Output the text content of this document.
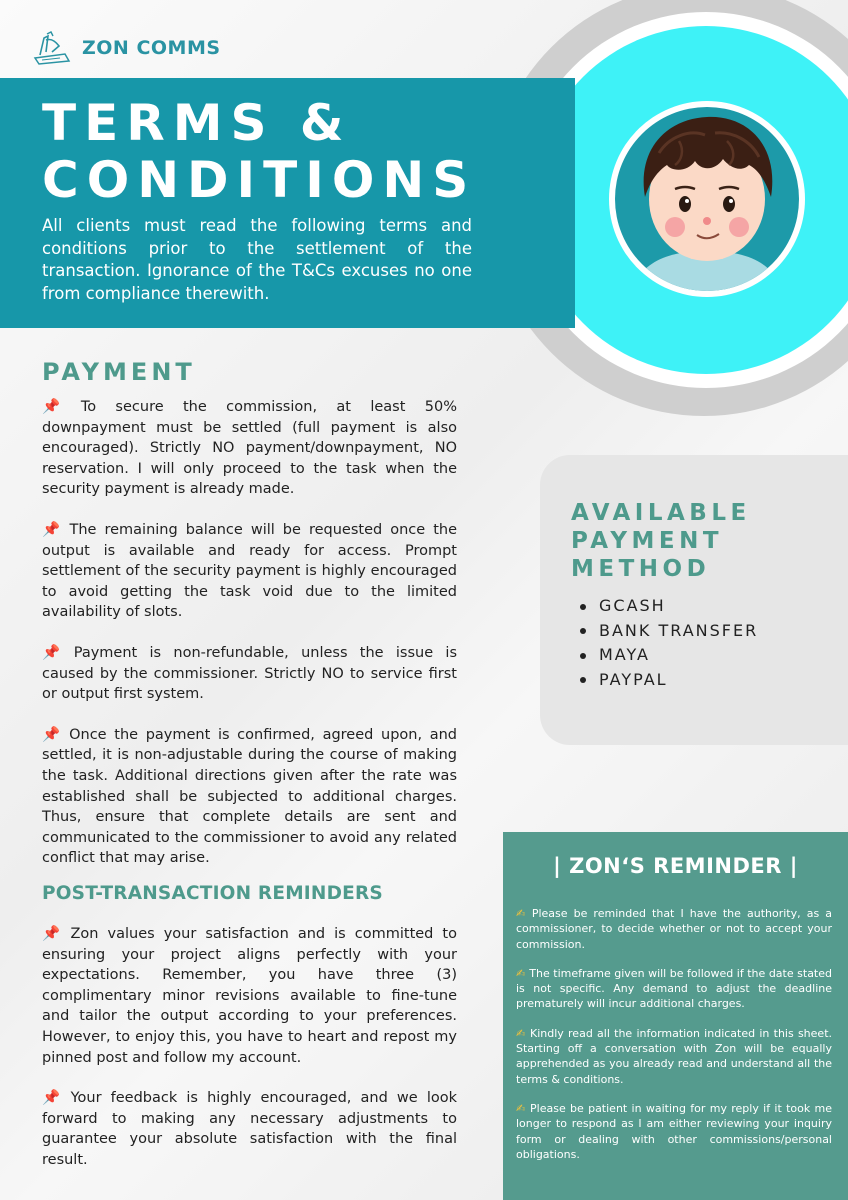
ZON COMMS
TERMS &
CONDITIONS

All clients must read the following terms and conditions prior to the settlement of the transaction. Ignorance of the T&Cs excuses no one from compliance therewith.

PAYMENT

📌 To secure the commission, at least 50% downpayment must be settled (full payment is also encouraged). Strictly NO payment/downpayment, NO reservation. I will only proceed to the task when the security payment is already made.

📌 The remaining balance will be requested once the output is available and ready for access. Prompt settlement of the security payment is highly encouraged to avoid getting the task void due to the limited availability of slots.

📌 Payment is non-refundable, unless the issue is caused by the commissioner. Strictly NO to service first or output first system.

📌 Once the payment is confirmed, agreed upon, and settled, it is non-adjustable during the course of making the task. Additional directions given after the rate was established shall be subjected to additional charges. Thus, ensure that complete details are sent and communicated to the commissioner to avoid any related conflict that may arise.

POST-TRANSACTION REMINDERS

📌 Zon values your satisfaction and is committed to ensuring your project aligns perfectly with your expectations. Remember, you have three (3) complimentary minor revisions available to fine-tune and tailor the output according to your preferences. However, to enjoy this, you have to heart and repost my pinned post and follow my account.

📌 Your feedback is highly encouraged, and we look forward to making any necessary adjustments to guarantee your absolute satisfaction with the final result.

AVAILABLE
PAYMENT
METHOD
GCASH
BANK TRANSFER
MAYA
PAYPAL
| ZON‘S REMINDER |

✍ Please be reminded that I have the authority, as a commissioner, to decide whether or not to accept your commission.

✍ The timeframe given will be followed if the date stated is not specific. Any demand to adjust the deadline prematurely will incur additional charges.

✍ Kindly read all the information indicated in this sheet. Starting off a conversation with Zon will be equally apprehended as you already read and understand all the terms & conditions.

✍ Please be patient in waiting for my reply if it took me longer to respond as I am either reviewing your inquiry form or dealing with other commissions/personal obligations.
